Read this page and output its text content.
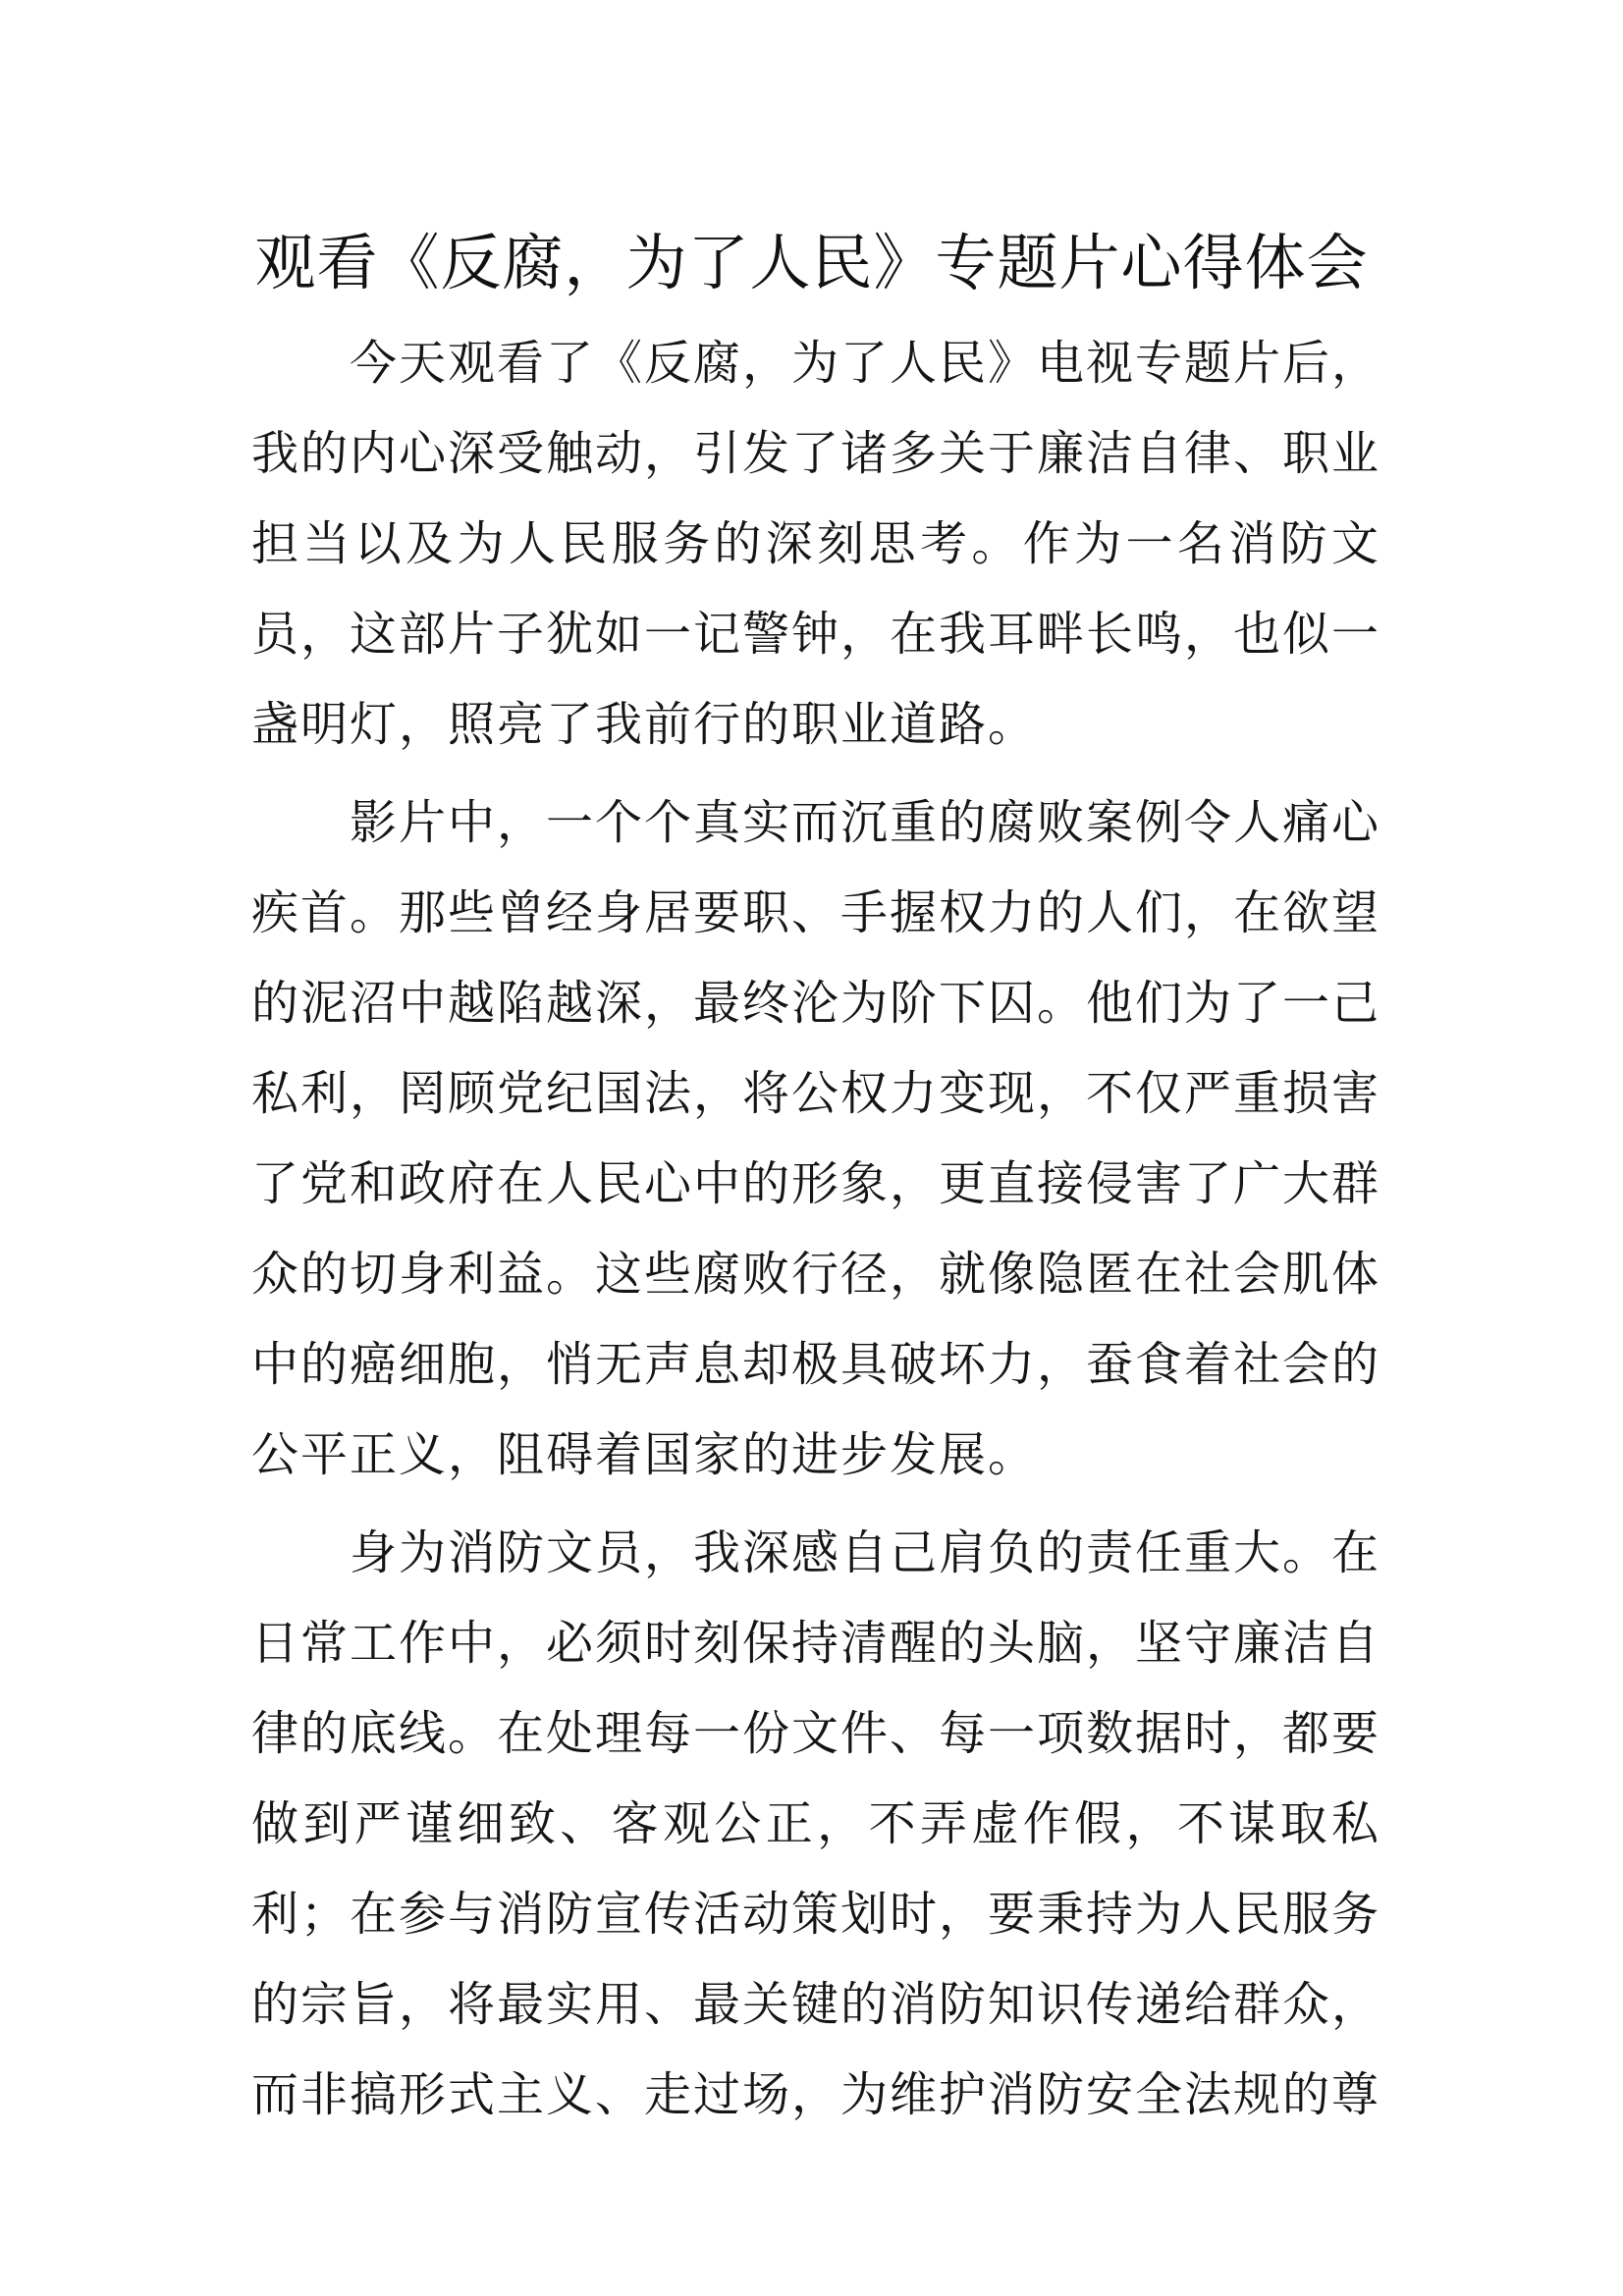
观看《反腐，为了人民》专题片心得体会

今天观看了《反腐，为了人民》电视专题片后，我的内心深受触动，引发了诸多关于廉洁自律、职业担当以及为人民服务的深刻思考。作为一名消防文员，这部片子犹如一记警钟，在我耳畔长鸣，也似一盏明灯，照亮了我前行的职业道路。

影片中，一个个真实而沉重的腐败案例令人痛心疾首。那些曾经身居要职、手握权力的人们，在欲望的泥沼中越陷越深，最终沦为阶下囚。他们为了一己私利，罔顾党纪国法，将公权力变现，不仅严重损害了党和政府在人民心中的形象，更直接侵害了广大群众的切身利益。这些腐败行径，就像隐匿在社会肌体中的癌细胞，悄无声息却极具破坏力，蚕食着社会的公平正义，阻碍着国家的进步发展。

身为消防文员，我深感自己肩负的责任重大。在日常工作中，必须时刻保持清醒的头脑，坚守廉洁自律的底线。在处理每一份文件、每一项数据时，都要做到严谨细致、客观公正，不弄虚作假，不谋取私利；在参与消防宣传活动策划时，要秉持为人民服务的宗旨，将最实用、最关键的消防知识传递给群众，而非搞形式主义、走过场，为维护消防安全法规的尊
